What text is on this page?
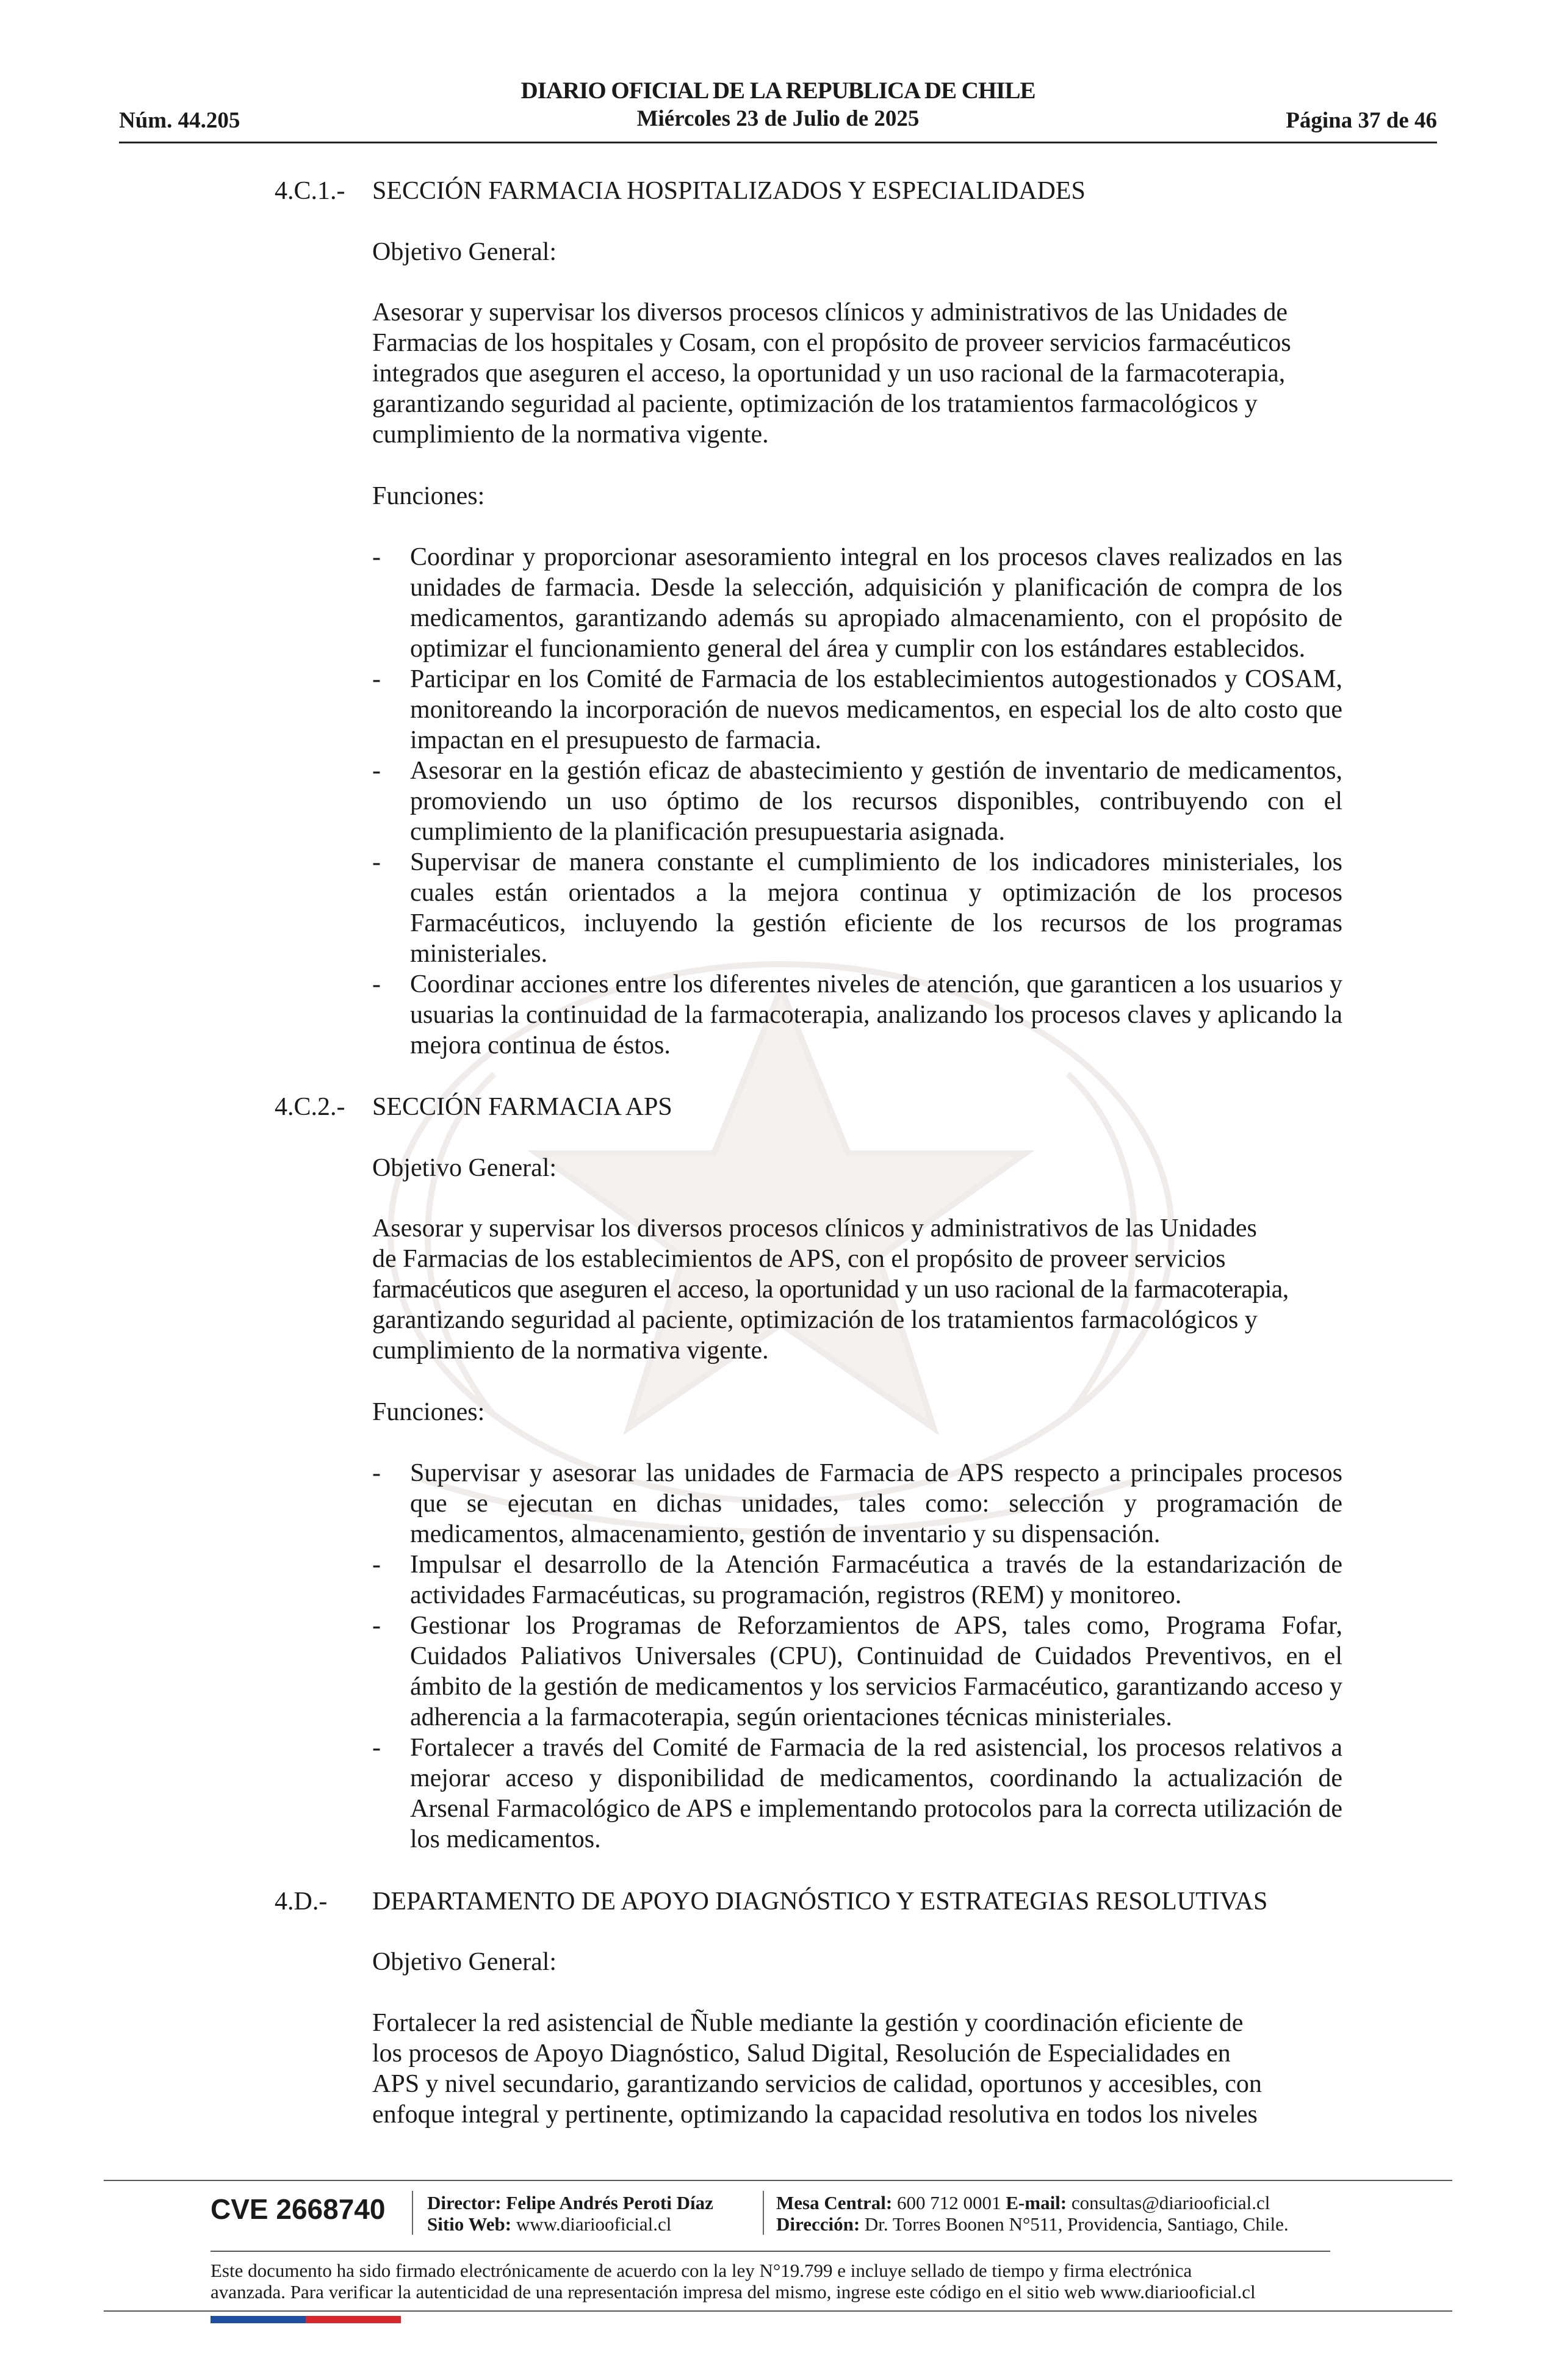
Núm. 44.205
DIARIO OFICIAL DE LA REPUBLICA DE CHILE
Miércoles 23 de Julio de 2025	Página 37 de 46
4.C.1.- SECCIÓN FARMACIA HOSPITALIZADOS Y ESPECIALIDADES
Objetivo General:
Asesorar y supervisar los diversos procesos clínicos y administrativos de las Unidades de
Farmacias de los hospitales y Cosam, con el propósito de proveer servicios farmacéuticos
integrados que aseguren el acceso, la oportunidad y un uso racional de la farmacoterapia,
garantizando seguridad al paciente, optimización de los tratamientos farmacológicos y
cumplimiento de la normativa vigente.
Funciones:
- Coordinar y proporcionar asesoramiento integral en los procesos claves realizados en las unidades de farmacia. Desde la selección, adquisición y planificación de compra de los medicamentos, garantizando además su apropiado almacenamiento, con el propósito de optimizar el funcionamiento general del área y cumplir con los estándares establecidos.
- Participar en los Comité de Farmacia de los establecimientos autogestionados y COSAM, monitoreando la incorporación de nuevos medicamentos, en especial los de alto costo que impactan en el presupuesto de farmacia.
- Asesorar en la gestión eficaz de abastecimiento y gestión de inventario de medicamentos, promoviendo un uso óptimo de los recursos disponibles, contribuyendo con el cumplimiento de la planificación presupuestaria asignada.
- Supervisar de manera constante el cumplimiento de los indicadores ministeriales, los cuales están orientados a la mejora continua y optimización de los procesos Farmacéuticos, incluyendo la gestión eficiente de los recursos de los programas ministeriales.
- Coordinar acciones entre los diferentes niveles de atención, que garanticen a los usuarios y usuarias la continuidad de la farmacoterapia, analizando los procesos claves y aplicando la mejora continua de éstos.
4.C.2.- SECCIÓN FARMACIA APS
Objetivo General:
Asesorar y supervisar los diversos procesos clínicos y administrativos de las Unidades
de Farmacias de los establecimientos de APS, con el propósito de proveer servicios
farmacéuticos que aseguren el acceso, la oportunidad y un uso racional de la farmacoterapia,
garantizando seguridad al paciente, optimización de los tratamientos farmacológicos y
cumplimiento de la normativa vigente.
Funciones:
- Supervisar y asesorar las unidades de Farmacia de APS respecto a principales procesos que se ejecutan en dichas unidades, tales como: selección y programación de medicamentos, almacenamiento, gestión de inventario y su dispensación.
- Impulsar el desarrollo de la Atención Farmacéutica a través de la estandarización de actividades Farmacéuticas, su programación, registros (REM) y monitoreo.
- Gestionar los Programas de Reforzamientos de APS, tales como, Programa Fofar, Cuidados Paliativos Universales (CPU), Continuidad de Cuidados Preventivos, en el ámbito de la gestión de medicamentos y los servicios Farmacéutico, garantizando acceso y adherencia a la farmacoterapia, según orientaciones técnicas ministeriales.
- Fortalecer a través del Comité de Farmacia de la red asistencial, los procesos relativos a mejorar acceso y disponibilidad de medicamentos, coordinando la actualización de Arsenal Farmacológico de APS e implementando protocolos para la correcta utilización de los medicamentos.
4.D.- DEPARTAMENTO DE APOYO DIAGNÓSTICO Y ESTRATEGIAS RESOLUTIVAS
Objetivo General:
Fortalecer la red asistencial de Ñuble mediante la gestión y coordinación eficiente de
los procesos de Apoyo Diagnóstico, Salud Digital, Resolución de Especialidades en
APS y nivel secundario, garantizando servicios de calidad, oportunos y accesibles, con
enfoque integral y pertinente, optimizando la capacidad resolutiva en todos los niveles
CVE 2668740 Director: Felipe Andrés Peroti Díaz
Sitio Web: www.diariooficial.cl
Mesa Central: 600 712 0001 E-mail: consultas@diariooficial.cl
Dirección: Dr. Torres Boonen N°511, Providencia, Santiago, Chile.
Este documento ha sido firmado electrónicamente de acuerdo con la ley N°19.799 e incluye sellado de tiempo y firma electrónica
avanzada. Para verificar la autenticidad de una representación impresa del mismo, ingrese este código en el sitio web www.diariooficial.cl
